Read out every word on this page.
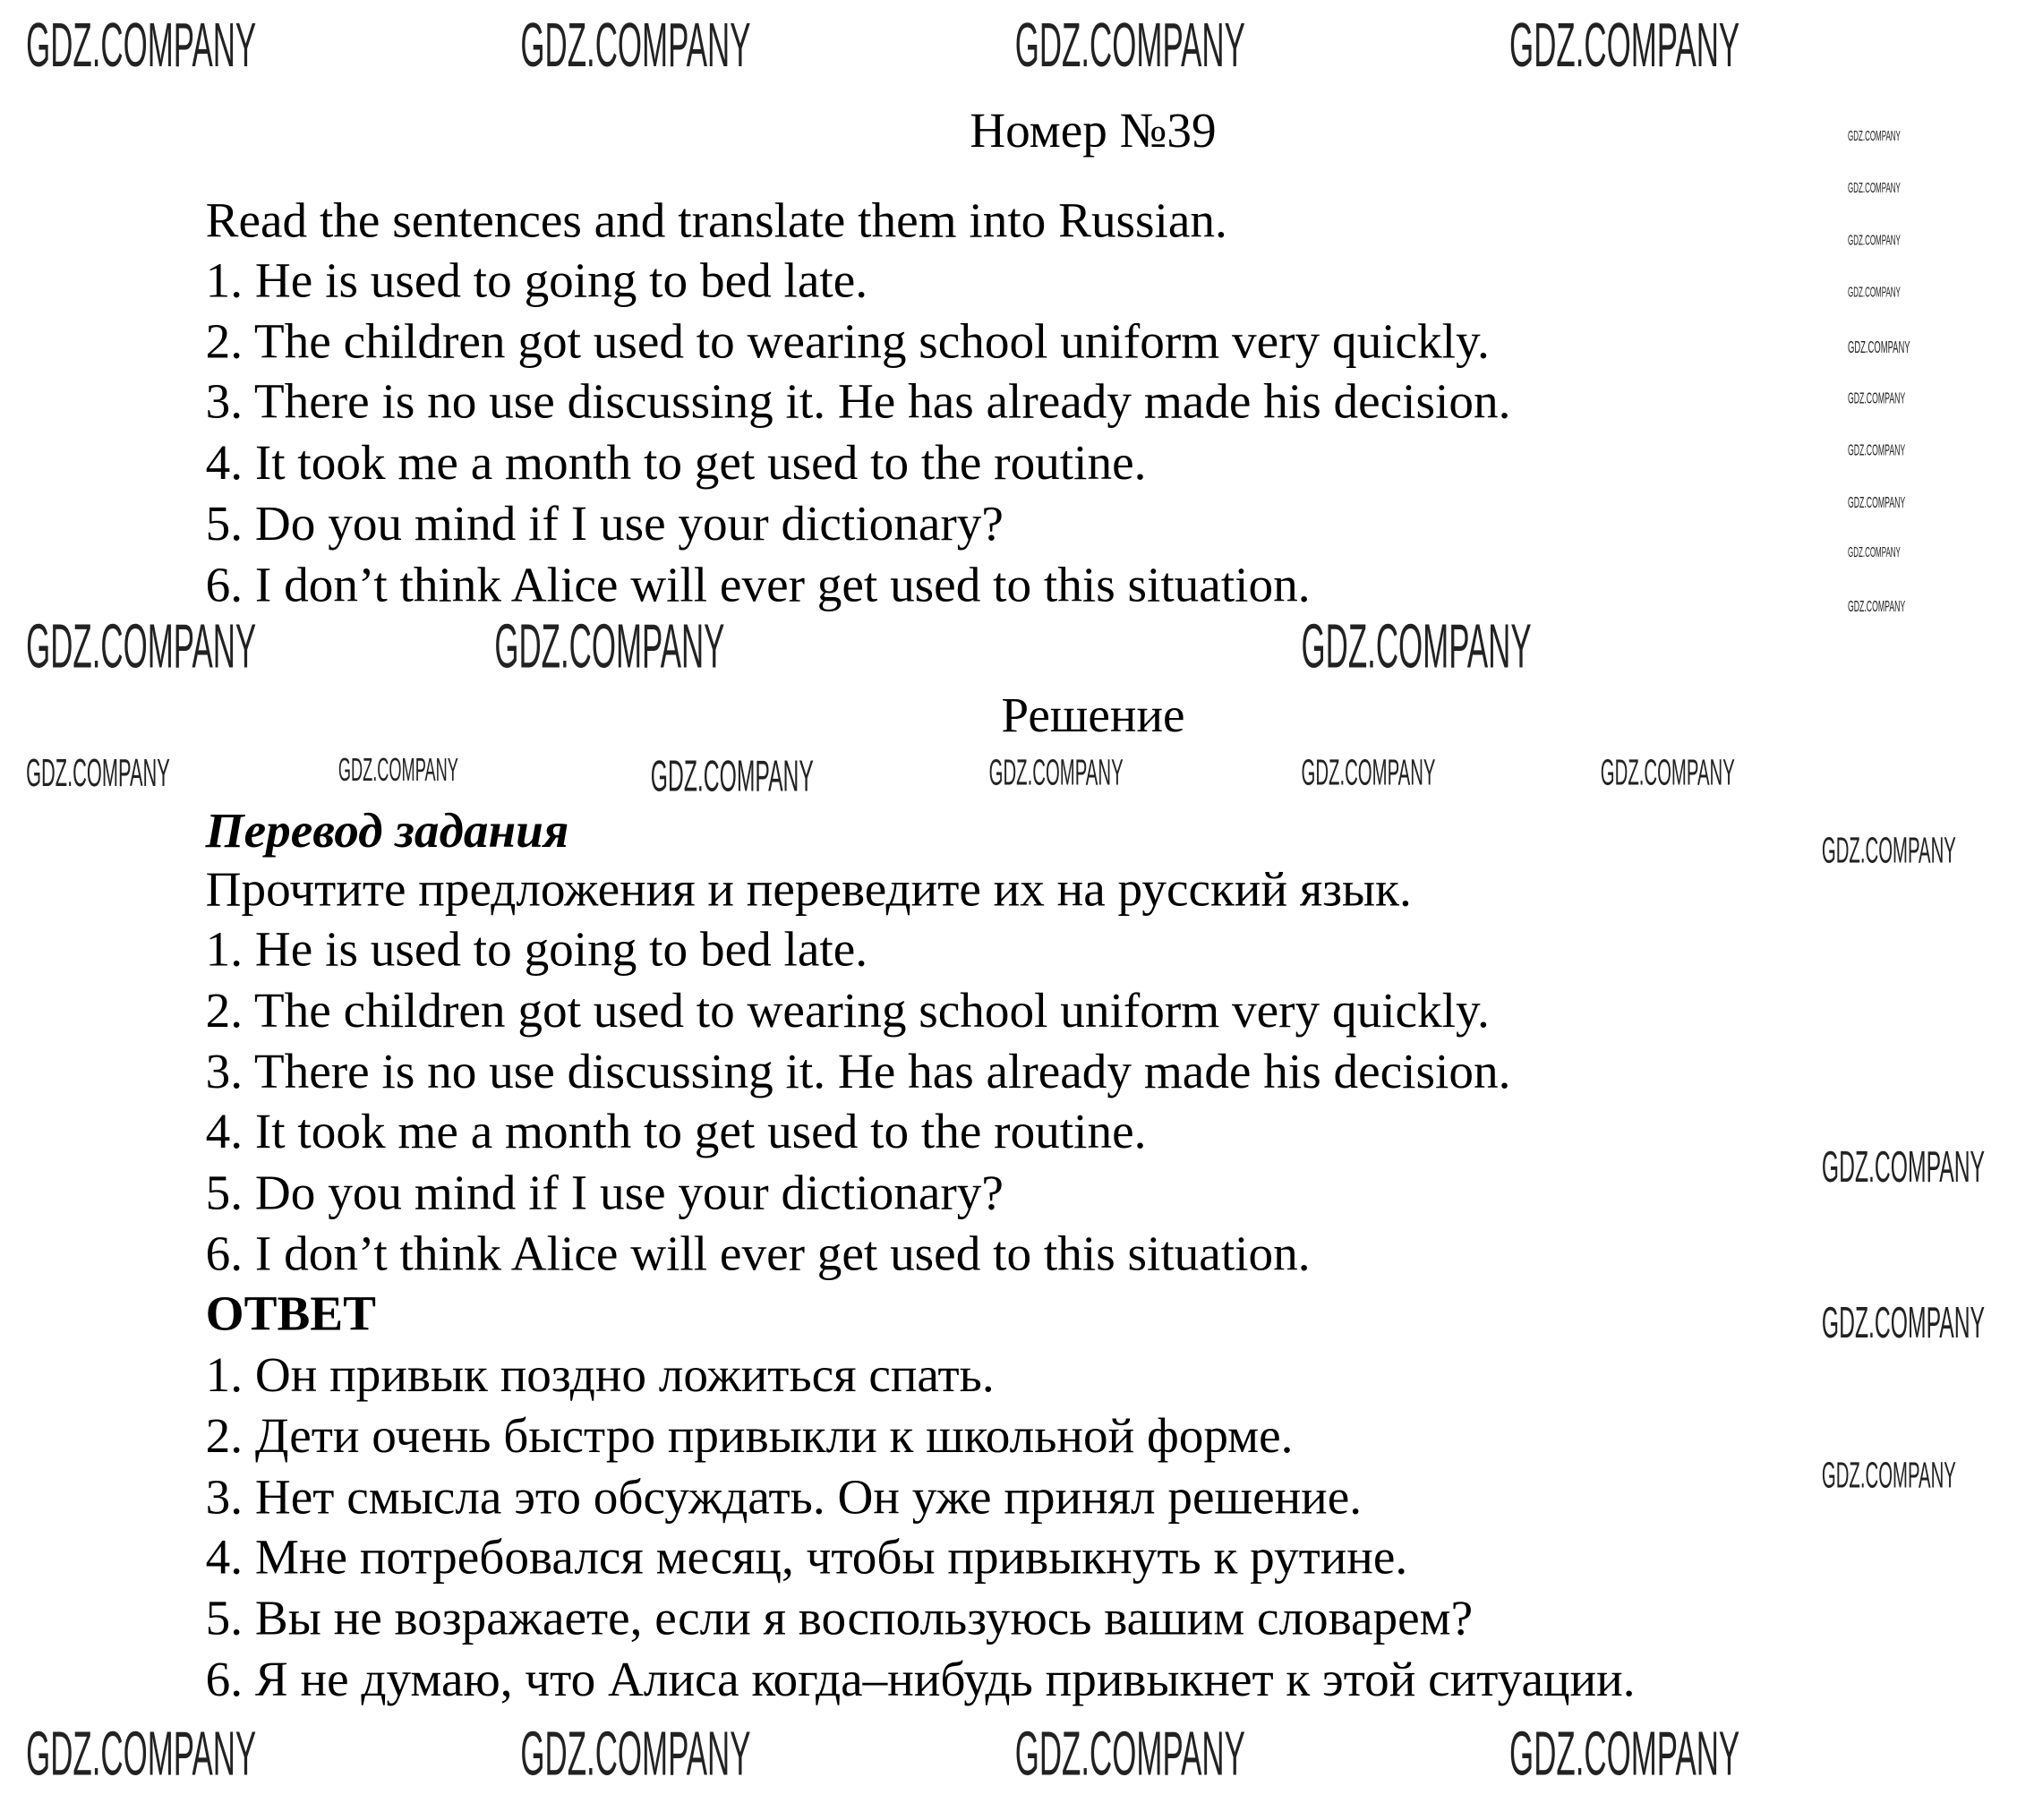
Номер №39
Read the sentences and translate them into Russian.
1. He is used to going to bed late.
2. The children got used to wearing school uniform very quickly.
3. There is no use discussing it. He has already made his decision.
4. It took me a month to get used to the routine.
5. Do you mind if I use your dictionary?
6. I don’t think Alice will ever get used to this situation.
Решение
Перевод задания
Прочтите предложения и переведите их на русский язык.
1. He is used to going to bed late.
2. The children got used to wearing school uniform very quickly.
3. There is no use discussing it. He has already made his decision.
4. It took me a month to get used to the routine.
5. Do you mind if I use your dictionary?
6. I don’t think Alice will ever get used to this situation.
ОТВЕТ
1. Он привык поздно ложиться спать.
2. Дети очень быстро привыкли к школьной форме.
3. Нет смысла это обсуждать. Он уже принял решение.
4. Мне потребовался месяц, чтобы привыкнуть к рутине.
5. Вы не возражаете, если я воспользуюсь вашим словарем?
6. Я не думаю, что Алиса когда–нибудь привыкнет к этой ситуации.
GDZ.COMPANY	GDZ.COMPANY	GDZ.COMPANY	GDZ.COMPANY
GDZ.COMPANY	GDZ.COMPANY	GDZ.COMPANY
GDZ.COMPANY	GDZ.COMPANY	GDZ.COMPANY	GDZ.COMPANY
GDZ.COMPANY	GDZ.COMPANY	GDZ.COMPANY	GDZ.COMPANY	GDZ.COMPANY	GDZ.COMPANY
GDZ.COMPANY
GDZ.COMPANY
GDZ.COMPANY
GDZ.COMPANY
GDZ.COMPANY
GDZ.COMPANY
GDZ.COMPANY
GDZ.COMPANY
GDZ.COMPANY
GDZ.COMPANY
GDZ.COMPANY
GDZ.COMPANY
GDZ.COMPANY
GDZ.COMPANY
